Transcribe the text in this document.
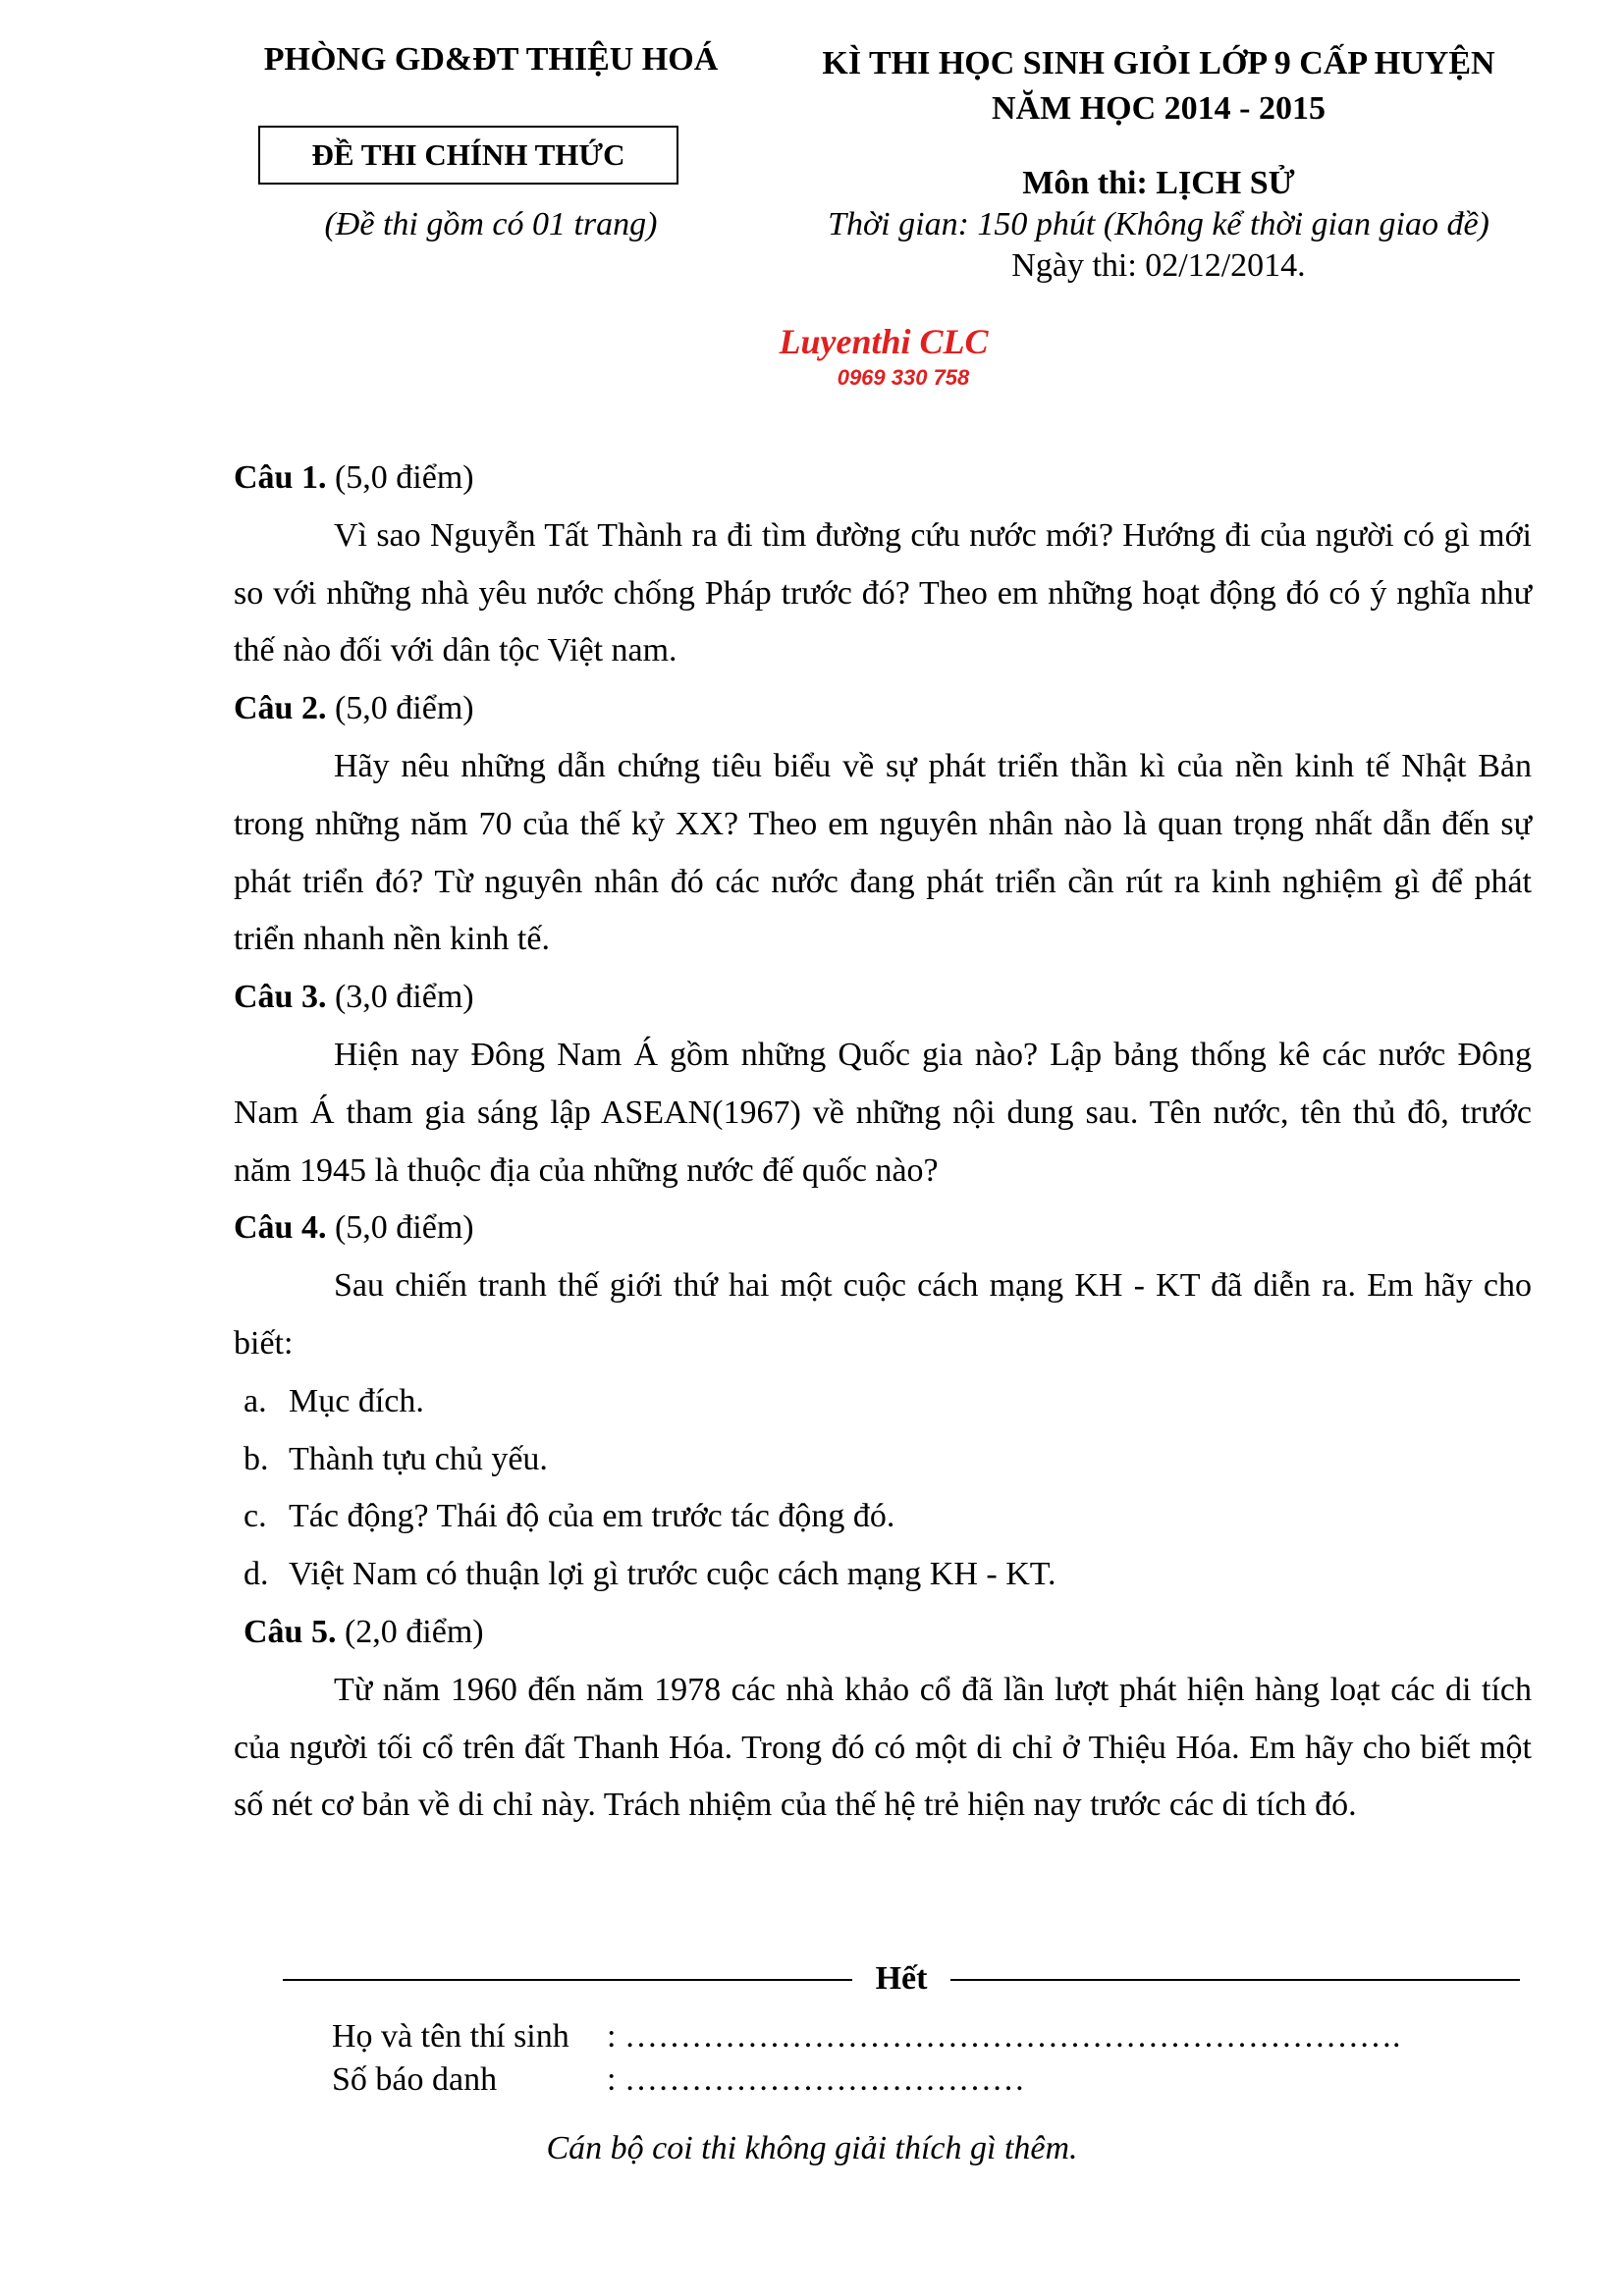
PHÒNG GD&ĐT THIỆU HOÁ	KÌ THI HỌC SINH GIỎI LỚP 9 CẤP HUYỆN
NĂM HỌC 2014 - 2015
ĐỀ THI CHÍNH THỨC
Môn thi: LỊCH SỬ
(Đề thi gồm có 01 trang)	Thời gian: 150 phút (Không kể thời gian giao đề)
Ngày thi: 02/12/2014.
Luyenthi CLC
0969 330 758

Câu 1. (5,0 điểm)

Vì sao Nguyễn Tất Thành ra đi tìm đường cứu nước mới? Hướng đi của người có gì mới so với những nhà yêu nước chống Pháp trước đó? Theo em những hoạt động đó có ý nghĩa như thế nào đối với dân tộc Việt nam.

Câu 2. (5,0 điểm)

Hãy nêu những dẫn chứng tiêu biểu về sự phát triển thần kì của nền kinh tế Nhật Bản trong những năm 70 của thế kỷ XX? Theo em nguyên nhân nào là quan trọng nhất dẫn đến sự phát triển đó? Từ nguyên nhân đó các nước đang phát triển cần rút ra kinh nghiệm gì để phát triển nhanh nền kinh tế.

Câu 3. (3,0 điểm)

Hiện nay Đông Nam Á gồm những Quốc gia nào? Lập bảng thống kê các nước Đông Nam Á tham gia sáng lập ASEAN(1967) về những nội dung sau. Tên nước, tên thủ đô, trước năm 1945 là thuộc địa của những nước đế quốc nào?

Câu 4. (5,0 điểm)

Sau chiến tranh thế giới thứ hai một cuộc cách mạng KH - KT đã diễn ra. Em hãy cho biết:

a. Mục đích.

b. Thành tựu chủ yếu.

c. Tác động? Thái độ của em trước tác động đó.

d. Việt Nam có thuận lợi gì trước cuộc cách mạng KH - KT.

Câu 5. (2,0 điểm)

Từ năm 1960 đến năm 1978 các nhà khảo cổ đã lần lượt phát hiện hàng loạt các di tích của người tối cổ trên đất Thanh Hóa. Trong đó có một di chỉ ở Thiệu Hóa. Em hãy cho biết một số nét cơ bản về di chỉ này. Trách nhiệm của thế hệ trẻ hiện nay trước các di tích đó.

Hết
Họ và tên thí sinh	: …………………………………………………………….
Số báo danh	: ………………………………
Cán bộ coi thi không giải thích gì thêm.
